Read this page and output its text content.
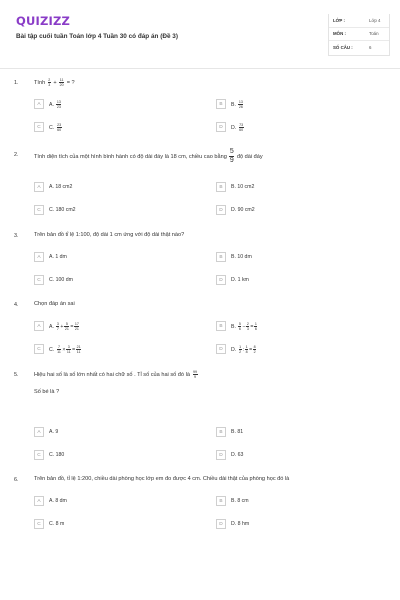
QUIZIZZ
Bài tập cuối tuần Toán lớp 4 Tuần 30 có đáp án (Đề 3)
LỚP :	Lớp 4
MÔN :	Toán
SỐ CÂU :	6
1.	Tính $\frac{2}{3} + \frac{11}{20}$ = ?
A	A. $\frac{13}{23}$	B	B. $\frac{13}{26}$
C	C. $\frac{23}{60}$	D	D. $\frac{73}{60}$
2.	Tính diện tích của một hình bình hành có độ dài đáy là 18 cm, chiều cao bằng $\frac{5}{9}$ độ dài đáy
A	A. 18 cm2	B	B. 10 cm2
C	C. 180 cm2	D	D. 90 cm2
3.	Trên bản đồ tỉ lệ 1:100, độ dài 1 cm ứng với độ dài thật nào?
A	A. 1 dm	B	B. 10 dm
C	C. 100 dm	D	D. 1 km
4.	Chọn đáp án sai
A	A. $\frac{3}{7} + \frac{5}{21} = \frac{17}{21}$	B	B. $\frac{5}{6} - \frac{2}{3} = \frac{1}{6}$
C	C. $\frac{7}{11} \times \frac{3}{11} = \frac{21}{11}$	D	D. $\frac{1}{2}$ : $\frac{1}{8} = \frac{8}{2}$
5.	Hiệu hai số là số lớn nhất có hai chữ số . Tỉ số của hai số đó là $\frac{99}{9}$
Số bé là ?
A	A. 9	B	B. 81
C	C. 180	D	D. 63
6.	Trên bản đồ, tỉ lệ 1:200, chiều dài phòng học lớp em đo được 4 cm. Chiều dài thật của phòng học đó là
A	A. 8 dm	B	B. 8 cm
C	C. 8 m	D	D. 8 hm
